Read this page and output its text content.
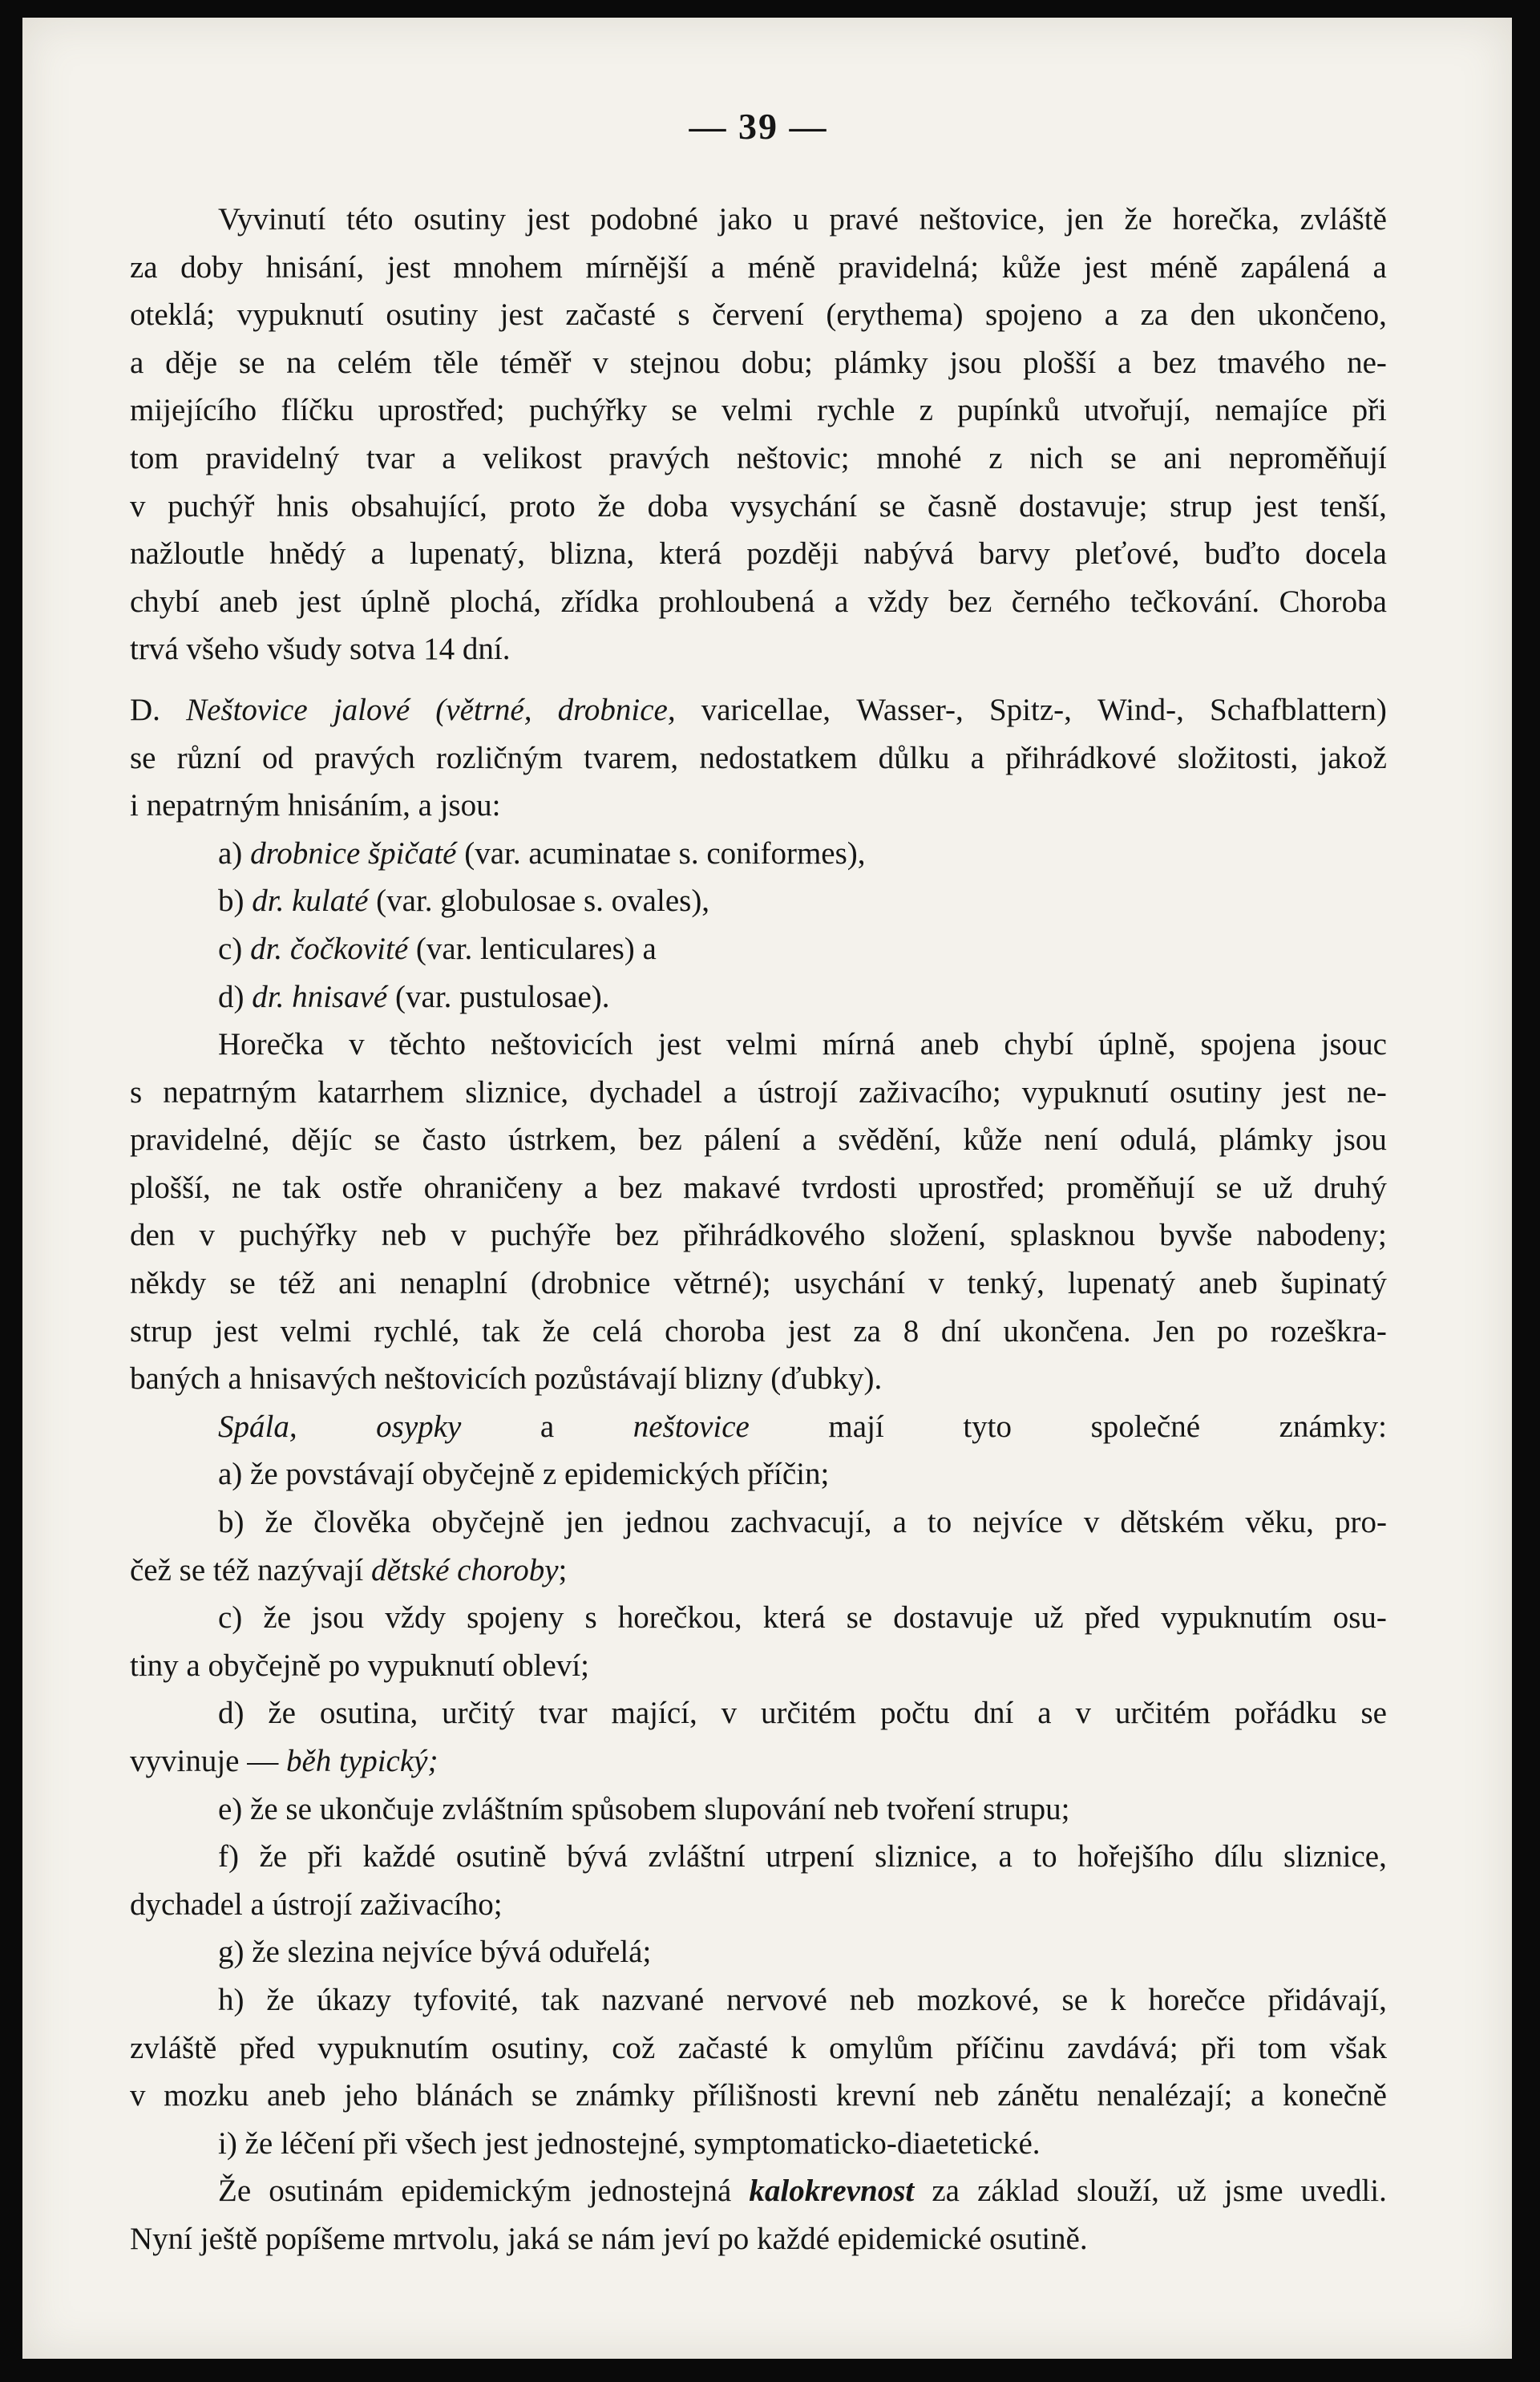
— 39 —
Vyvinutí této osutiny jest podobné jako u pravé neštovice, jen že horečka, zvláště
za doby hnisání, jest mnohem mírnější a méně pravidelná; kůže jest méně zapálená a
oteklá; vypuknutí osutiny jest začasté s červení (erythema) spojeno a za den ukončeno,
a děje se na celém těle téměř v stejnou dobu; plámky jsou plošší a bez tmavého ne-
mijejícího flíčku uprostřed; puchýřky se velmi rychle z pupínků utvořují, nemajíce při
tom pravidelný tvar a velikost pravých neštovic; mnohé z nich se ani neproměňují
v puchýř hnis obsahující, proto že doba vysychání se časně dostavuje; strup jest tenší,
nažloutle hnědý a lupenatý, blizna, která později nabývá barvy pleťové, buďto docela
chybí aneb jest úplně plochá, zřídka prohloubená a vždy bez černého tečkování. Choroba
trvá všeho všudy sotva 14 dní.
D. Neštovice jalové (větrné, drobnice, varicellae, Wasser-, Spitz-, Wind-, Schafblattern)
se různí od pravých rozličným tvarem, nedostatkem důlku a přihrádkové složitosti, jakož
i nepatrným hnisáním, a jsou:
a) drobnice špičaté (var. acuminatae s. coniformes),
b) dr. kulaté (var. globulosae s. ovales),
c) dr. čočkovité (var. lenticulares) a
d) dr. hnisavé (var. pustulosae).
Horečka v těchto neštovicích jest velmi mírná aneb chybí úplně, spojena jsouc
s nepatrným katarrhem sliznice, dychadel a ústrojí zaživacího; vypuknutí osutiny jest ne-
pravidelné, dějíc se často ústrkem, bez pálení a svědění, kůže není odulá, plámky jsou
plošší, ne tak ostře ohraničeny a bez makavé tvrdosti uprostřed; proměňují se už druhý
den v puchýřky neb v puchýře bez přihrádkového složení, splasknou byvše nabodeny;
někdy se též ani nenaplní (drobnice větrné); usychání v tenký, lupenatý aneb šupinatý
strup jest velmi rychlé, tak že celá choroba jest za 8 dní ukončena. Jen po rozeškra-
baných a hnisavých neštovicích pozůstávají blizny (ďubky).
Spála,	osypky	a	neštovice	mají	tyto	společné	známky:
a) že povstávají obyčejně z epidemických příčin;
b) že člověka obyčejně jen jednou zachvacují, a to nejvíce v dětském věku, pro-
čež se též nazývají dětské choroby;
c) že jsou vždy spojeny s horečkou, která se dostavuje už před vypuknutím osu-
tiny a obyčejně po vypuknutí obleví;
d) že osutina, určitý tvar mající, v určitém počtu dní a v určitém pořádku se
vyvinuje — běh typický;
e) že se ukončuje zvláštním spůsobem slupování neb tvoření strupu;
f) že při každé osutině bývá zvláštní utrpení sliznice, a to hořejšího dílu sliznice,
dychadel a ústrojí zaživacího;
g) že slezina nejvíce bývá oduřelá;
h) že úkazy tyfovité, tak nazvané nervové neb mozkové, se k horečce přidávají,
zvláště před vypuknutím osutiny, což začasté k omylům příčinu zavdává; při tom však
v mozku aneb jeho blánách se známky přílišnosti krevní neb zánětu nenalézají; a konečně
i) že léčení při všech jest jednostejné, symptomaticko-diaetetické.
Že osutinám epidemickým jednostejná kalokrevnost za základ slouží, už jsme uvedli.
Nyní ještě popíšeme mrtvolu, jaká se nám jeví po každé epidemické osutině.
